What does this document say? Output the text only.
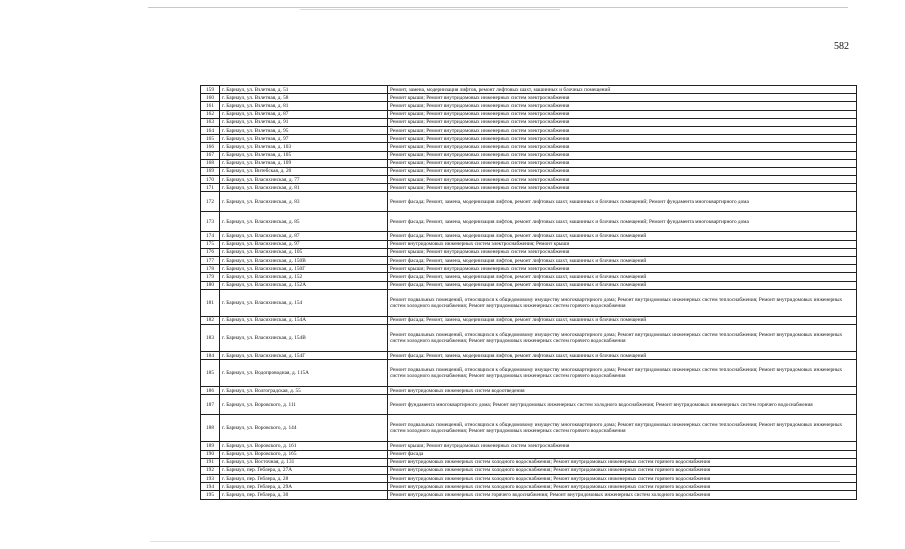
582
159	г. Барнаул, ул. Взлетная, д. 51	Ремонт, замена, модернизация лифтов, ремонт лифтовых шахт, машинных и блочных помещений
160	г. Барнаул, ул. Взлетная, д. 58	Ремонт крыши; Ремонт внутридомовых инженерных систем электроснабжения
161	г. Барнаул, ул. Взлетная, д. 81	Ремонт крыши; Ремонт внутридомовых инженерных систем электроснабжения
162	г. Барнаул, ул. Взлетная, д. 87	Ремонт крыши; Ремонт внутридомовых инженерных систем электроснабжения
163	г. Барнаул, ул. Взлетная, д. 91	Ремонт крыши; Ремонт внутридомовых инженерных систем электроснабжения
164	г. Барнаул, ул. Взлетная, д. 95	Ремонт крыши; Ремонт внутридомовых инженерных систем электроснабжения
165	г. Барнаул, ул. Взлетная, д. 97	Ремонт крыши; Ремонт внутридомовых инженерных систем электроснабжения
166	г. Барнаул, ул. Взлетная, д. 103	Ремонт крыши; Ремонт внутридомовых инженерных систем электроснабжения
167	г. Барнаул, ул. Взлетная, д. 105	Ремонт крыши; Ремонт внутридомовых инженерных систем электроснабжения
168	г. Барнаул, ул. Взлетная, д. 109	Ремонт крыши; Ремонт внутридомовых инженерных систем электроснабжения
169	г. Барнаул, ул. Витебская, д. 20	Ремонт крыши; Ремонт внутридомовых инженерных систем электроснабжения
170	г. Барнаул, ул. Власихинская, д. 77	Ремонт крыши; Ремонт внутридомовых инженерных систем электроснабжения
171	г. Барнаул, ул. Власихинская, д. 81	Ремонт крыши; Ремонт внутридомовых инженерных систем электроснабжения
172	г. Барнаул, ул. Власихинская, д. 83	Ремонт фасада; Ремонт, замена, модернизация лифтов, ремонт лифтовых шахт, машинных и блочных помещений; Ремонт фундамента многоквартирного дома
173	г. Барнаул, ул. Власихинская, д. 85	Ремонт фасада; Ремонт, замена, модернизация лифтов, ремонт лифтовых шахт, машинных и блочных помещений; Ремонт фундамента многоквартирного дома
174	г. Барнаул, ул. Власихинская, д. 87	Ремонт фасада; Ремонт, замена, модернизация лифтов, ремонт лифтовых шахт, машинных и блочных помещений
175	г. Барнаул, ул. Власихинская, д. 97	Ремонт внутридомовых инженерных систем электроснабжения; Ремонт крыши
176	г. Барнаул, ул. Власихинская, д. 105	Ремонт крыши; Ремонт внутридомовых инженерных систем электроснабжения
177	г. Барнаул, ул. Власихинская, д. 150В	Ремонт фасада; Ремонт, замена, модернизация лифтов, ремонт лифтовых шахт, машинных и блочных помещений
178	г. Барнаул, ул. Власихинская, д. 150Г	Ремонт крыши; Ремонт внутридомовых инженерных систем электроснабжения
179	г. Барнаул, ул. Власихинская, д. 152	Ремонт фасада; Ремонт, замена, модернизация лифтов, ремонт лифтовых шахт, машинных и блочных помещений
180	г. Барнаул, ул. Власихинская, д. 152А	Ремонт фасада; Ремонт, замена, модернизация лифтов, ремонт лифтовых шахт, машинных и блочных помещений
181	г. Барнаул, ул. Власихинская, д. 154	Ремонт подвальных помещений, относящихся к общедомовому имуществу многоквартирного дома; Ремонт внутридомовых инженерных систем теплоснабжения; Ремонт внутридомовых инженерных систем холодного водоснабжения; Ремонт внутридомовых инженерных систем горячего водоснабжения
182	г. Барнаул, ул. Власихинская, д. 154А	Ремонт фасада; Ремонт, замена, модернизация лифтов, ремонт лифтовых шахт, машинных и блочных помещений
183	г. Барнаул, ул. Власихинская, д. 154В	Ремонт подвальных помещений, относящихся к общедомовому имуществу многоквартирного дома; Ремонт внутридомовых инженерных систем теплоснабжения; Ремонт внутридомовых инженерных систем холодного водоснабжения; Ремонт внутридомовых инженерных систем горячего водоснабжения
184	г. Барнаул, ул. Власихинская, д. 154Г	Ремонт фасада; Ремонт, замена, модернизация лифтов, ремонт лифтовых шахт, машинных и блочных помещений
185	г. Барнаул, ул. Водопроводная, д. 115А	Ремонт подвальных помещений, относящихся к общедомовому имуществу многоквартирного дома; Ремонт внутридомовых инженерных систем теплоснабжения; Ремонт внутридомовых инженерных систем холодного водоснабжения; Ремонт внутридомовых инженерных систем горячего водоснабжения
186	г. Барнаул, ул. Волгоградская, д. 55	Ремонт внутридомовых инженерных систем водоотведения
187	г. Барнаул, ул. Воровского, д. 111	Ремонт фундамента многоквартирного дома; Ремонт внутридомовых инженерных систем холодного водоснабжения; Ремонт внутридомовых инженерных систем горячего водоснабжения
188	г. Барнаул, ул. Воровского, д. 144	Ремонт подвальных помещений, относящихся к общедомовому имуществу многоквартирного дома; Ремонт внутридомовых инженерных систем теплоснабжения; Ремонт внутридомовых инженерных систем холодного водоснабжения; Ремонт внутридомовых инженерных систем горячего водоснабжения
189	г. Барнаул, ул. Воровского, д. 161	Ремонт крыши; Ремонт внутридомовых инженерных систем электроснабжения
190	г. Барнаул, ул. Воровского, д. 165	Ремонт фасада
191	г. Барнаул, ул. Восточная, д. 131	Ремонт внутридомовых инженерных систем холодного водоснабжения; Ремонт внутридомовых инженерных систем горячего водоснабжения
192	г. Барнаул, пер. Геблера, д. 27А	Ремонт внутридомовых инженерных систем холодного водоснабжения; Ремонт внутридомовых инженерных систем горячего водоснабжения
193	г. Барнаул, пер. Геблера, д. 28	Ремонт внутридомовых инженерных систем холодного водоснабжения; Ремонт внутридомовых инженерных систем горячего водоснабжения
194	г. Барнаул, пер. Геблера, д. 29А	Ремонт внутридомовых инженерных систем холодного водоснабжения; Ремонт внутридомовых инженерных систем горячего водоснабжения
195	г. Барнаул, пер. Геблера, д. 30	Ремонт внутридомовых инженерных систем горячего водоснабжения; Ремонт внутридомовых инженерных систем холодного водоснабжения
